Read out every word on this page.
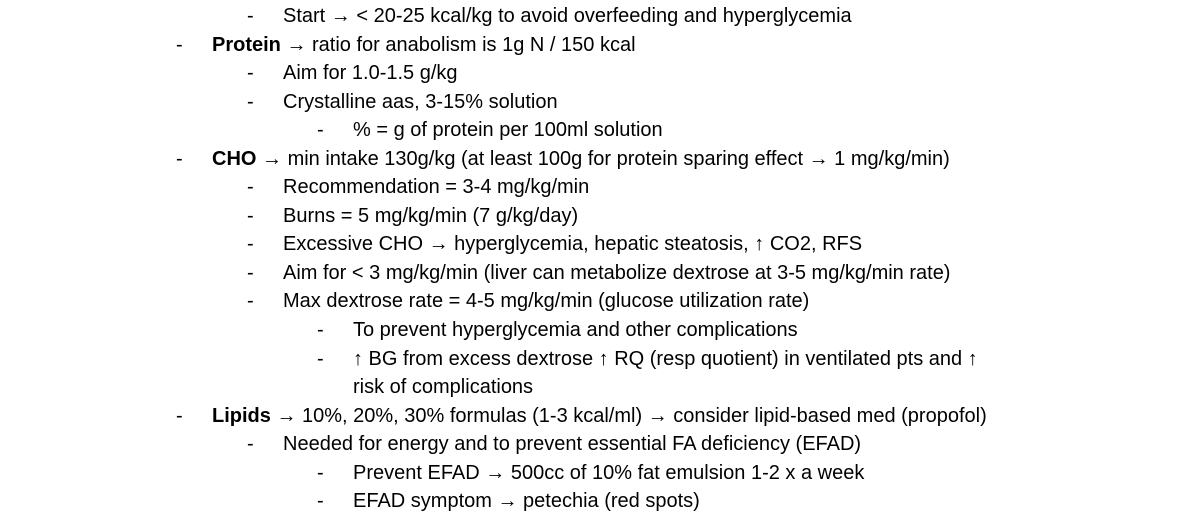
- Start → < 20-25 kcal/kg to avoid overfeeding and hyperglycemia
- Protein → ratio for anabolism is 1g N / 150 kcal
- Aim for 1.0-1.5 g/kg
- Crystalline aas, 3-15% solution
- % = g of protein per 100ml solution
- CHO → min intake 130g/kg (at least 100g for protein sparing effect → 1 mg/kg/min)
- Recommendation = 3-4 mg/kg/min
- Burns = 5 mg/kg/min (7 g/kg/day)
- Excessive CHO → hyperglycemia, hepatic steatosis, ↑ CO2, RFS
- Aim for < 3 mg/kg/min (liver can metabolize dextrose at 3-5 mg/kg/min rate)
- Max dextrose rate = 4-5 mg/kg/min (glucose utilization rate)
- To prevent hyperglycemia and other complications
- ↑ BG from excess dextrose ↑ RQ (resp quotient) in ventilated pts and ↑
risk of complications
- Lipids → 10%, 20%, 30% formulas (1-3 kcal/ml) → consider lipid-based med (propofol)
- Needed for energy and to prevent essential FA deficiency (EFAD)
- Prevent EFAD → 500cc of 10% fat emulsion 1-2 x a week
- EFAD symptom → petechia (red spots)
